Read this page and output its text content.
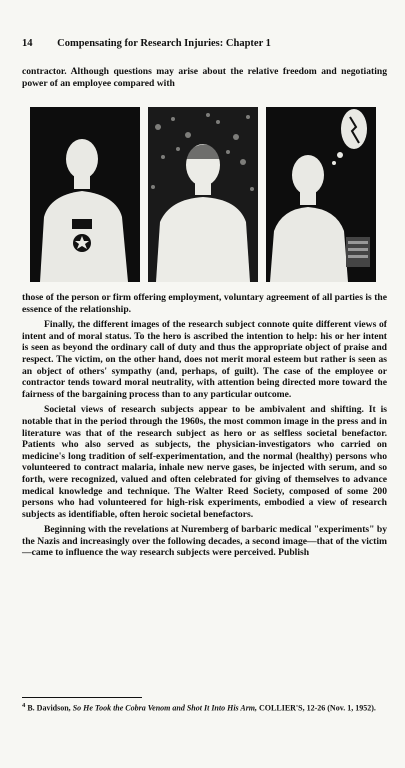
14 Compensating for Research Injuries: Chapter 1

contractor. Although questions may arise about the relative freedom and negotiating power of an employee compared with

those of the person or firm offering employment, voluntary agreement of all parties is the essence of the relationship.

Finally, the different images of the research subject connote quite different views of intent and of moral status. To the hero is ascribed the intention to help: his or her intent is seen as beyond the ordinary call of duty and thus the appropriate object of praise and respect. The victim, on the other hand, does not merit moral esteem but rather is seen as an object of others' sympathy (and, perhaps, of guilt). The case of the employee or contractor tends toward moral neutrality, with attention being directed more toward the fairness of the bargaining process than to any particular outcome.

Societal views of research subjects appear to be ambivalent and shifting. It is notable that in the period through the 1960s, the most common image in the press and in literature was that of the research subject as hero or as selfless societal benefactor. Patients who also served as subjects, the physician-investigators who carried on medicine's long tradition of self-experimentation, and the normal (healthy) persons who volunteered to contract malaria, inhale new nerve gases, be injected with serum, and so forth, were recognized, valued and often celebrated for giving of themselves to advance medical knowledge and technique. The Walter Reed Society, composed of some 200 persons who had volunteered for high-risk experiments, embodied a view of research subjects as identifiable, often heroic societal benefactors.

Beginning with the revelations at Nuremberg of barbaric medical "experiments" by the Nazis and increasingly over the following decades, a second image—that of the victim—came to influence the way research subjects were perceived. Publish

$^4$ B. Davidson, So He Took the Cobra Venom and Shot It Into His Arm, COLLIER'S, 12-26 (Nov. 1, 1952).
